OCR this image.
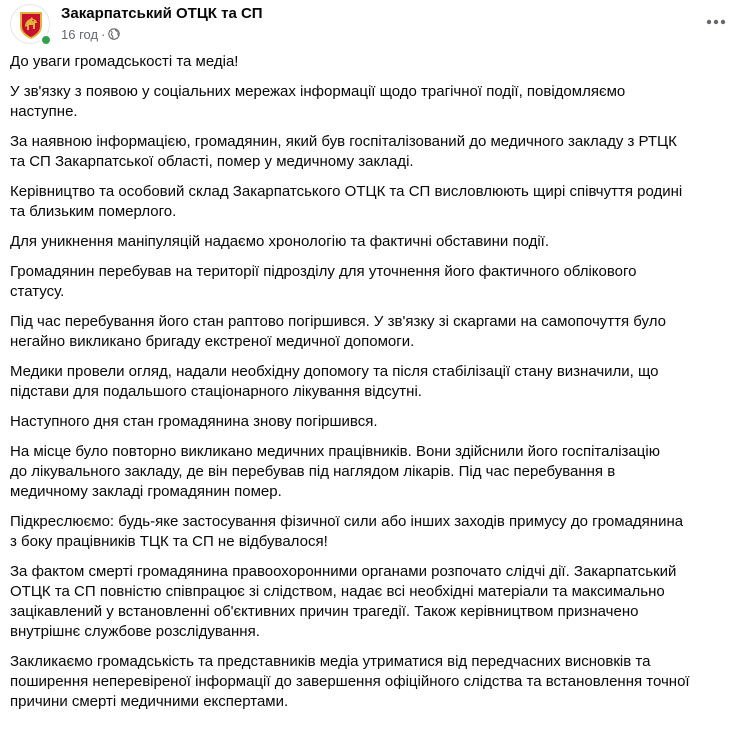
Закарпатський ОТЦК та СП
16 год ·

До уваги громадськості та медіа!

У зв'язку з появою у соціальних мережах інформації щодо трагічної події, повідомляємо
наступне.

За наявною інформацією, громадянин, який був госпіталізований до медичного закладу з РТЦК
та СП Закарпатської області, помер у медичному закладі.

Керівництво та особовий склад Закарпатського ОТЦК та СП висловлюють щирі співчуття родині
та близьким померлого.

Для уникнення маніпуляцій надаємо хронологію та фактичні обставини події.

Громадянин перебував на території підрозділу для уточнення його фактичного облікового
статусу.

Під час перебування його стан раптово погіршився. У зв'язку зі скаргами на самопочуття було
негайно викликано бригаду екстреної медичної допомоги.

Медики провели огляд, надали необхідну допомогу та після стабілізації стану визначили, що
підстави для подальшого стаціонарного лікування відсутні.

Наступного дня стан громадянина знову погіршився.

На місце було повторно викликано медичних працівників. Вони здійснили його госпіталізацію
до лікувального закладу, де він перебував під наглядом лікарів. Під час перебування в
медичному закладі громадянин помер.

Підкреслюємо: будь-яке застосування фізичної сили або інших заходів примусу до громадянина
з боку працівників ТЦК та СП не відбувалося!

За фактом смерті громадянина правоохоронними органами розпочато слідчі дії. Закарпатський
ОТЦК та СП повністю співпрацює зі слідством, надає всі необхідні матеріали та максимально
зацікавлений у встановленні об'єктивних причин трагедії. Також керівництвом призначено
внутрішнє службове розслідування.

Закликаємо громадськість та представників медіа утриматися від передчасних висновків та
поширення неперевіреної інформації до завершення офіційного слідства та встановлення точної
причини смерті медичними експертами.
